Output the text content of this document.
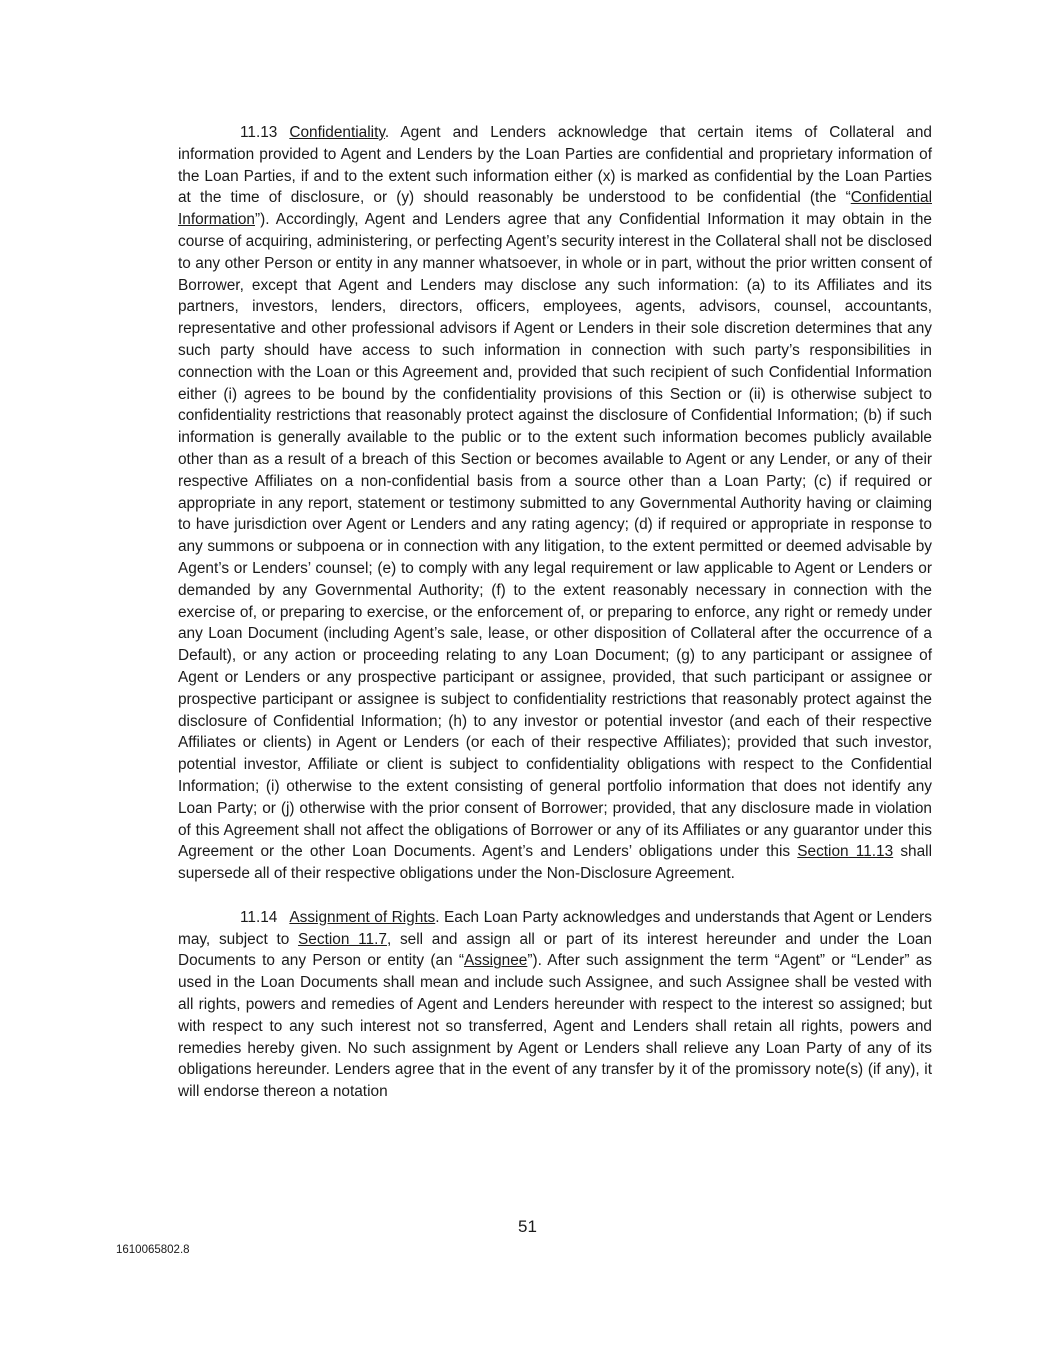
11.13 Confidentiality. Agent and Lenders acknowledge that certain items of Collateral and information provided to Agent and Lenders by the Loan Parties are confidential and proprietary information of the Loan Parties, if and to the extent such information either (x) is marked as confidential by the Loan Parties at the time of disclosure, or (y) should reasonably be understood to be confidential (the “Confidential Information”). Accordingly, Agent and Lenders agree that any Confidential Information it may obtain in the course of acquiring, administering, or perfecting Agent’s security interest in the Collateral shall not be disclosed to any other Person or entity in any manner whatsoever, in whole or in part, without the prior written consent of Borrower, except that Agent and Lenders may disclose any such information: (a) to its Affiliates and its partners, investors, lenders, directors, officers, employees, agents, advisors, counsel, accountants, representative and other professional advisors if Agent or Lenders in their sole discretion determines that any such party should have access to such information in connection with such party’s responsibilities in connection with the Loan or this Agreement and, provided that such recipient of such Confidential Information either (i) agrees to be bound by the confidentiality provisions of this Section or (ii) is otherwise subject to confidentiality restrictions that reasonably protect against the disclosure of Confidential Information; (b) if such information is generally available to the public or to the extent such information becomes publicly available other than as a result of a breach of this Section or becomes available to Agent or any Lender, or any of their respective Affiliates on a non-confidential basis from a source other than a Loan Party; (c) if required or appropriate in any report, statement or testimony submitted to any Governmental Authority having or claiming to have jurisdiction over Agent or Lenders and any rating agency; (d) if required or appropriate in response to any summons or subpoena or in connection with any litigation, to the extent permitted or deemed advisable by Agent’s or Lenders’ counsel; (e) to comply with any legal requirement or law applicable to Agent or Lenders or demanded by any Governmental Authority; (f) to the extent reasonably necessary in connection with the exercise of, or preparing to exercise, or the enforcement of, or preparing to enforce, any right or remedy under any Loan Document (including Agent’s sale, lease, or other disposition of Collateral after the occurrence of a Default), or any action or proceeding relating to any Loan Document; (g) to any participant or assignee of Agent or Lenders or any prospective participant or assignee, provided, that such participant or assignee or prospective participant or assignee is subject to confidentiality restrictions that reasonably protect against the disclosure of Confidential Information; (h) to any investor or potential investor (and each of their respective Affiliates or clients) in Agent or Lenders (or each of their respective Affiliates); provided that such investor, potential investor, Affiliate or client is subject to confidentiality obligations with respect to the Confidential Information; (i) otherwise to the extent consisting of general portfolio information that does not identify any Loan Party; or (j) otherwise with the prior consent of Borrower; provided, that any disclosure made in violation of this Agreement shall not affect the obligations of Borrower or any of its Affiliates or any guarantor under this Agreement or the other Loan Documents. Agent’s and Lenders’ obligations under this Section 11.13 shall supersede all of their respective obligations under the Non-Disclosure Agreement.

11.14 Assignment of Rights. Each Loan Party acknowledges and understands that Agent or Lenders may, subject to Section 11.7, sell and assign all or part of its interest hereunder and under the Loan Documents to any Person or entity (an “Assignee”). After such assignment the term “Agent” or “Lender” as used in the Loan Documents shall mean and include such Assignee, and such Assignee shall be vested with all rights, powers and remedies of Agent and Lenders hereunder with respect to the interest so assigned; but with respect to any such interest not so transferred, Agent and Lenders shall retain all rights, powers and remedies hereby given. No such assignment by Agent or Lenders shall relieve any Loan Party of any of its obligations hereunder. Lenders agree that in the event of any transfer by it of the promissory note(s) (if any), it will endorse thereon a notation

51
1610065802.8
